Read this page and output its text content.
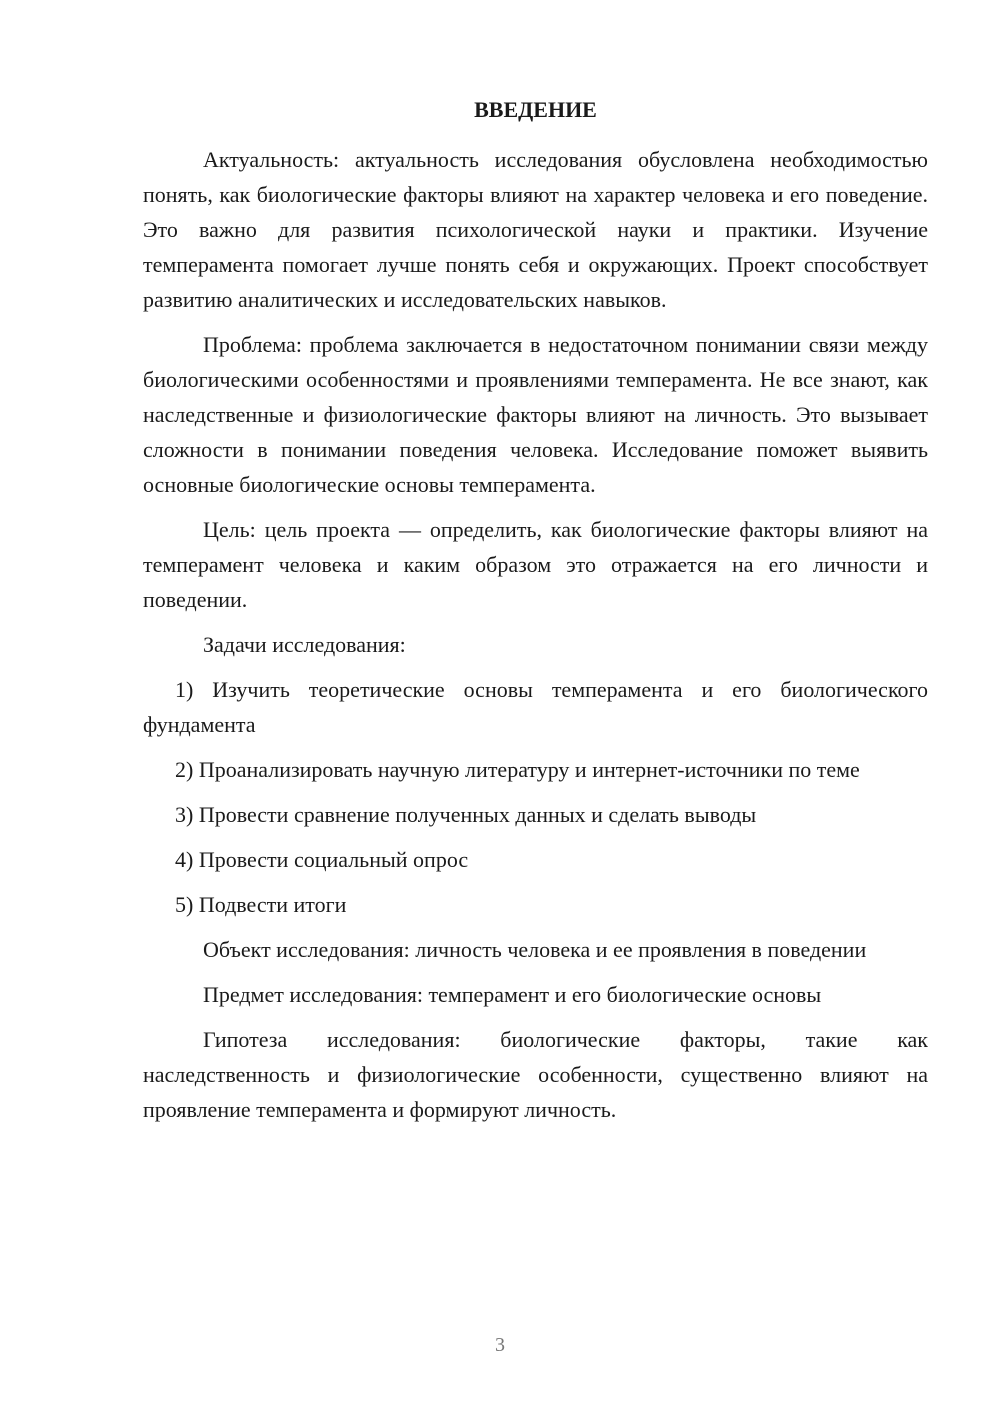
ВВЕДЕНИЕ

Актуальность: актуальность исследования обусловлена необходимостью понять, как биологические факторы влияют на характер человека и его поведение. Это важно для развития психологической науки и практики. Изучение темперамента помогает лучше понять себя и окружающих. Проект способствует развитию аналитических и исследовательских навыков.

Проблема: проблема заключается в недостаточном понимании связи между биологическими особенностями и проявлениями темперамента. Не все знают, как наследственные и физиологические факторы влияют на личность. Это вызывает сложности в понимании поведения человека. Исследование поможет выявить основные биологические основы темперамента.

Цель: цель проекта — определить, как биологические факторы влияют на темперамент человека и каким образом это отражается на его личности и поведении.

Задачи исследования:

1) Изучить теоретические основы темперамента и его биологического фундамента

2) Проанализировать научную литературу и интернет-источники по теме

3) Провести сравнение полученных данных и сделать выводы

4) Провести социальный опрос

5) Подвести итоги

Объект исследования: личность человека и ее проявления в поведении

Предмет исследования: темперамент и его биологические основы

Гипотеза исследования: биологические факторы, такие как наследственность и физиологические особенности, существенно влияют на проявление темперамента и формируют личность.

3
